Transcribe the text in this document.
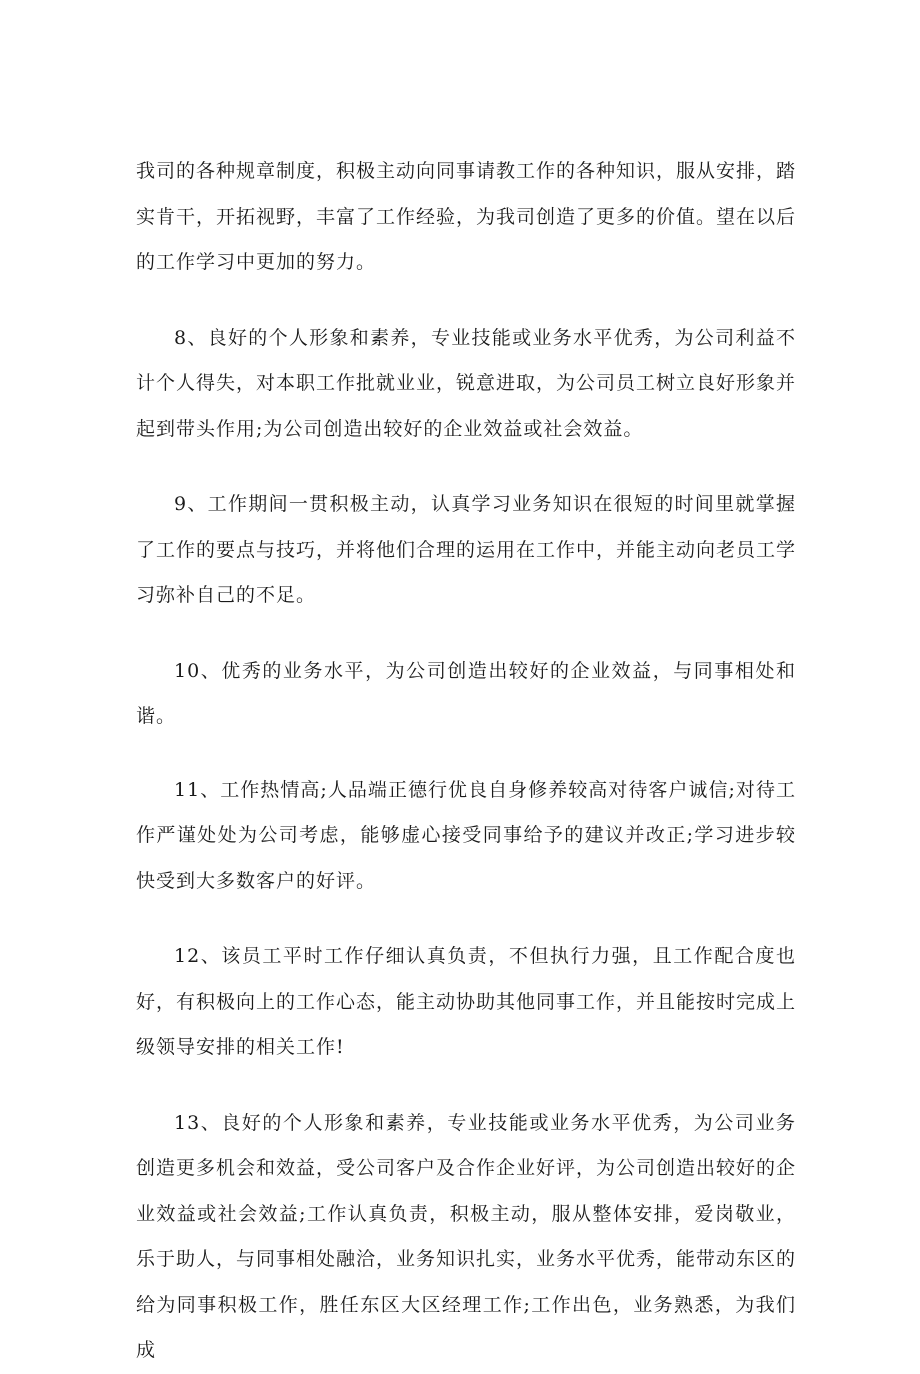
我司的各种规章制度，积极主动向同事请教工作的各种知识，服从安排，踏实肯干，开拓视野，丰富了工作经验，为我司创造了更多的价值。望在以后的工作学习中更加的努力。

8、良好的个人形象和素养，专业技能或业务水平优秀，为公司利益不计个人得失，对本职工作批就业业，锐意进取，为公司员工树立良好形象并起到带头作用;为公司创造出较好的企业效益或社会效益。

9、工作期间一贯积极主动，认真学习业务知识在很短的时间里就掌握了工作的要点与技巧，并将他们合理的运用在工作中，并能主动向老员工学习弥补自己的不足。

10、优秀的业务水平，为公司创造出较好的企业效益，与同事相处和谐。

11、工作热情高;人品端正德行优良自身修养较高对待客户诚信;对待工作严谨处处为公司考虑，能够虚心接受同事给予的建议并改正;学习进步较快受到大多数客户的好评。

12、该员工平时工作仔细认真负责，不但执行力强，且工作配合度也好，有积极向上的工作心态，能主动协助其他同事工作，并且能按时完成上级领导安排的相关工作!

13、良好的个人形象和素养，专业技能或业务水平优秀，为公司业务创造更多机会和效益，受公司客户及合作企业好评，为公司创造出较好的企业效益或社会效益;工作认真负责，积极主动，服从整体安排，爱岗敬业，乐于助人，与同事相处融洽，业务知识扎实，业务水平优秀，能带动东区的给为同事积极工作，胜任东区大区经理工作;工作出色，业务熟悉，为我们成
